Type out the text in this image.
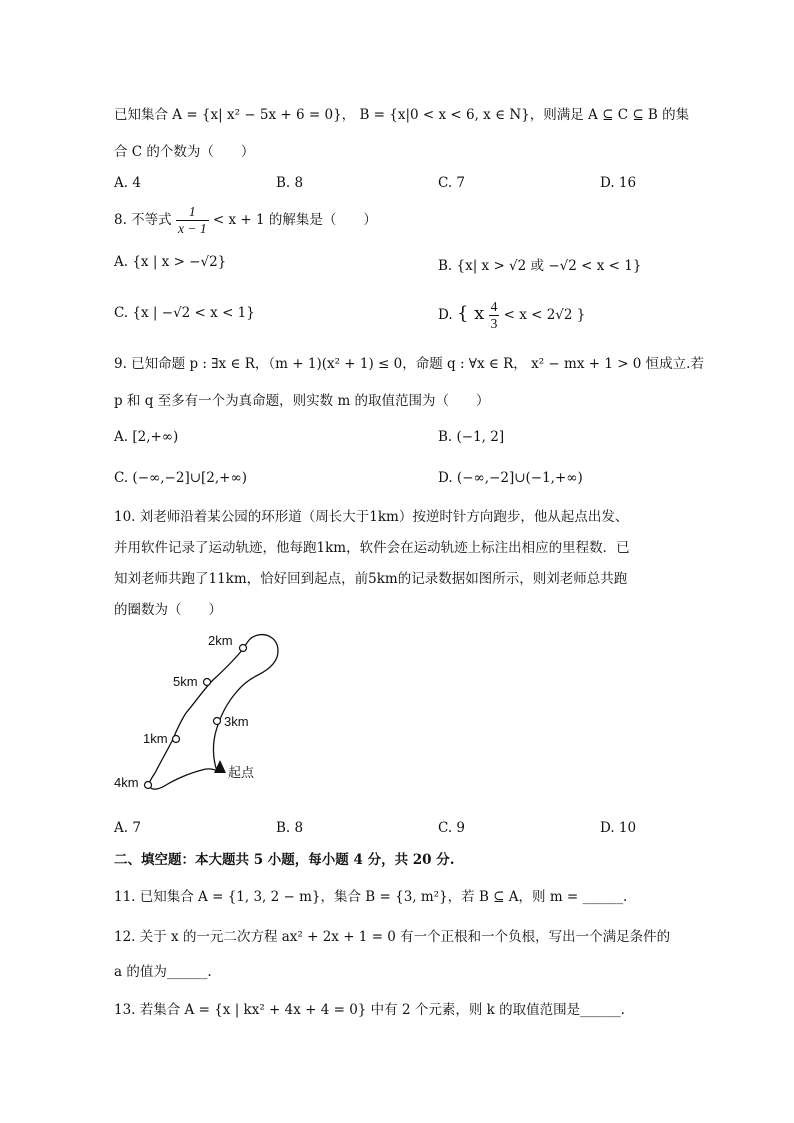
已知集合 A = {x| x² − 5x + 6 = 0}， B = {x|0 < x < 6, x ∈ N}，则满足 A ⊆ C ⊆ B 的集
合 C 的个数为（　　）
A. 4	B. 8	C. 7	D. 16
8. 不等式 $\frac{1}{x - 1} < x + 1$ 的解集是（　　）
A. {x | x > −√2}	B. {x| x > √2 或 −√2 < x < 1}
C. {x | −√2 < x < 1}	D. { x $\frac{4}{3} < x < 2√2$ }
9. 已知命题 p : ∃x ∈ R，（m + 1)(x² + 1) ≤ 0，命题 q : ∀x ∈ R， x² − mx + 1 > 0 恒成立.若
p 和 q 至多有一个为真命题，则实数 m 的取值范围为（　　）
A. [2,+∞)	B. (−1, 2]
C. (−∞,−2]∪[2,+∞)	D. (−∞,−2]∪(−1,+∞)
10. 刘老师沿着某公园的环形道（周长大于1km）按逆时针方向跑步，他从起点出发、
并用软件记录了运动轨迹，他每跑1km，软件会在运动轨迹上标注出相应的里程数．已
知刘老师共跑了11km，恰好回到起点，前5km的记录数据如图所示，则刘老师总共跑
的圈数为（　　）
2km
5km
3km
1km
4km
起点
A. 7	B. 8	C. 9	D. 10
二、填空题：本大题共 5 小题，每小题 4 分，共 20 分.
11. 已知集合 A = {1, 3, 2 − m}，集合 B = {3, m²}，若 B ⊆ A，则 m = ______.
12. 关于 x 的一元二次方程 ax² + 2x + 1 = 0 有一个正根和一个负根，写出一个满足条件的
a 的值为______.
13. 若集合 A = {x | kx² + 4x + 4 = 0} 中有 2 个元素，则 k 的取值范围是______.
